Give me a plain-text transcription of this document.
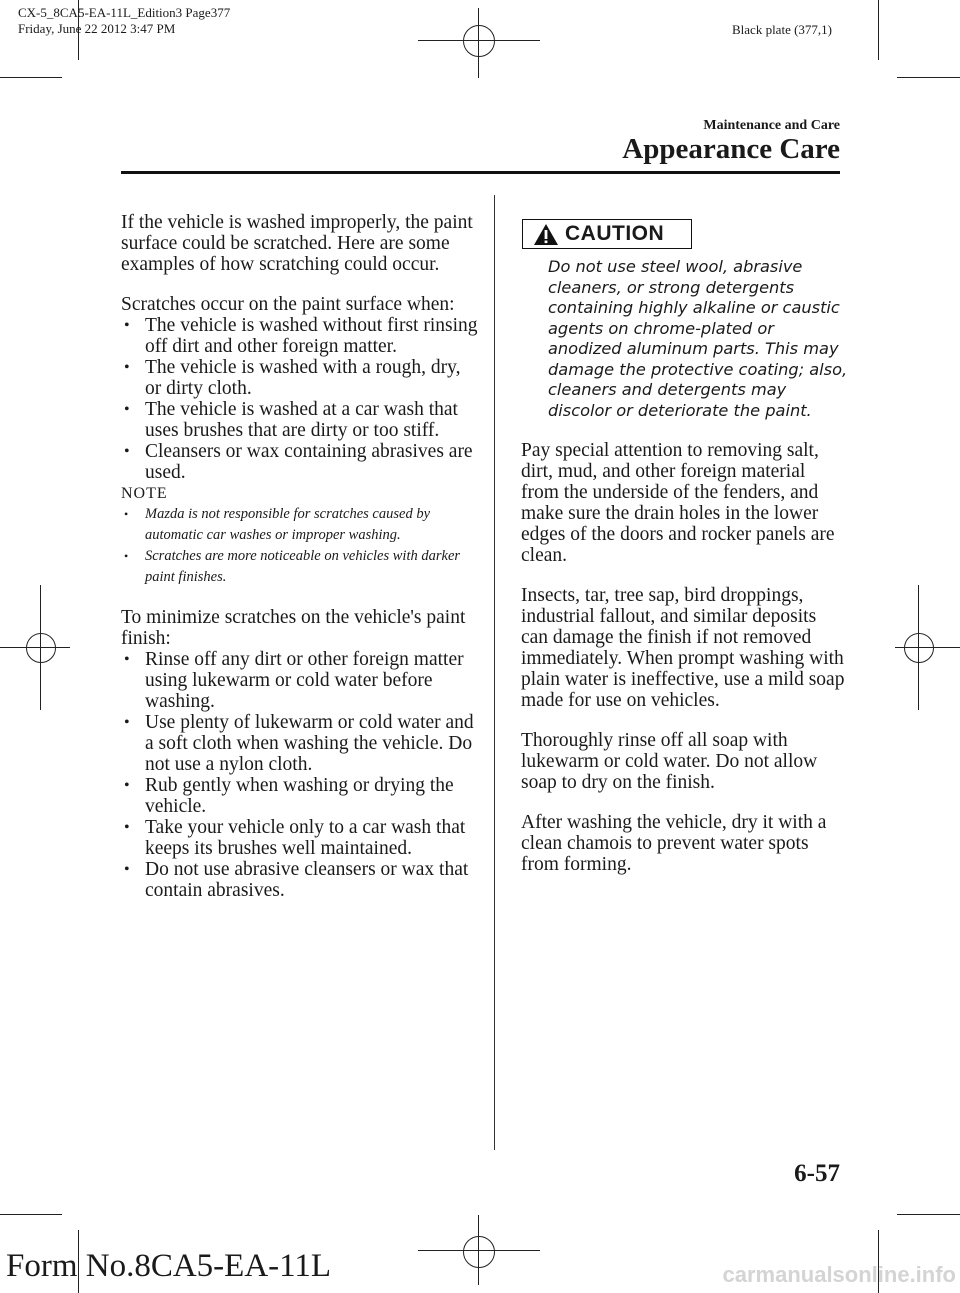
CX-5_8CA5-EA-11L_Edition3 Page377
Friday, June 22 2012 3:47 PM	Black plate (377,1)
Maintenance and Care
Appearance Care

If the vehicle is washed improperly, the paint surface could be scratched. Here are some examples of how scratching could occur.

Scratches occur on the paint surface when:

• The vehicle is washed without first rinsing off dirt and other foreign matter.

• The vehicle is washed with a rough, dry, or dirty cloth.

• The vehicle is washed at a car wash that uses brushes that are dirty or too stiff.

• Cleansers or wax containing abrasives are used.

NOTE

• Mazda is not responsible for scratches caused by automatic car washes or improper washing.

• Scratches are more noticeable on vehicles with darker paint finishes.

To minimize scratches on the vehicle's paint finish:

• Rinse off any dirt or other foreign matter using lukewarm or cold water before washing.

• Use plenty of lukewarm or cold water and a soft cloth when washing the vehicle. Do not use a nylon cloth.

• Rub gently when washing or drying the vehicle.

• Take your vehicle only to a car wash that keeps its brushes well maintained.

• Do not use abrasive cleansers or wax that contain abrasives.

CAUTION
Do not use steel wool, abrasive cleaners, or strong detergents containing highly alkaline or caustic agents on chrome-plated or anodized aluminum parts. This may damage the protective coating; also, cleaners and detergents may discolor or deteriorate the paint.

Pay special attention to removing salt, dirt, mud, and other foreign material from the underside of the fenders, and make sure the drain holes in the lower edges of the doors and rocker panels are clean.

Insects, tar, tree sap, bird droppings, industrial fallout, and similar deposits can damage the finish if not removed immediately. When prompt washing with plain water is ineffective, use a mild soap made for use on vehicles.

Thoroughly rinse off all soap with lukewarm or cold water. Do not allow soap to dry on the finish.

After washing the vehicle, dry it with a clean chamois to prevent water spots from forming.

6-57
Form No.8CA5-EA-11L	carmanualsonline.info
